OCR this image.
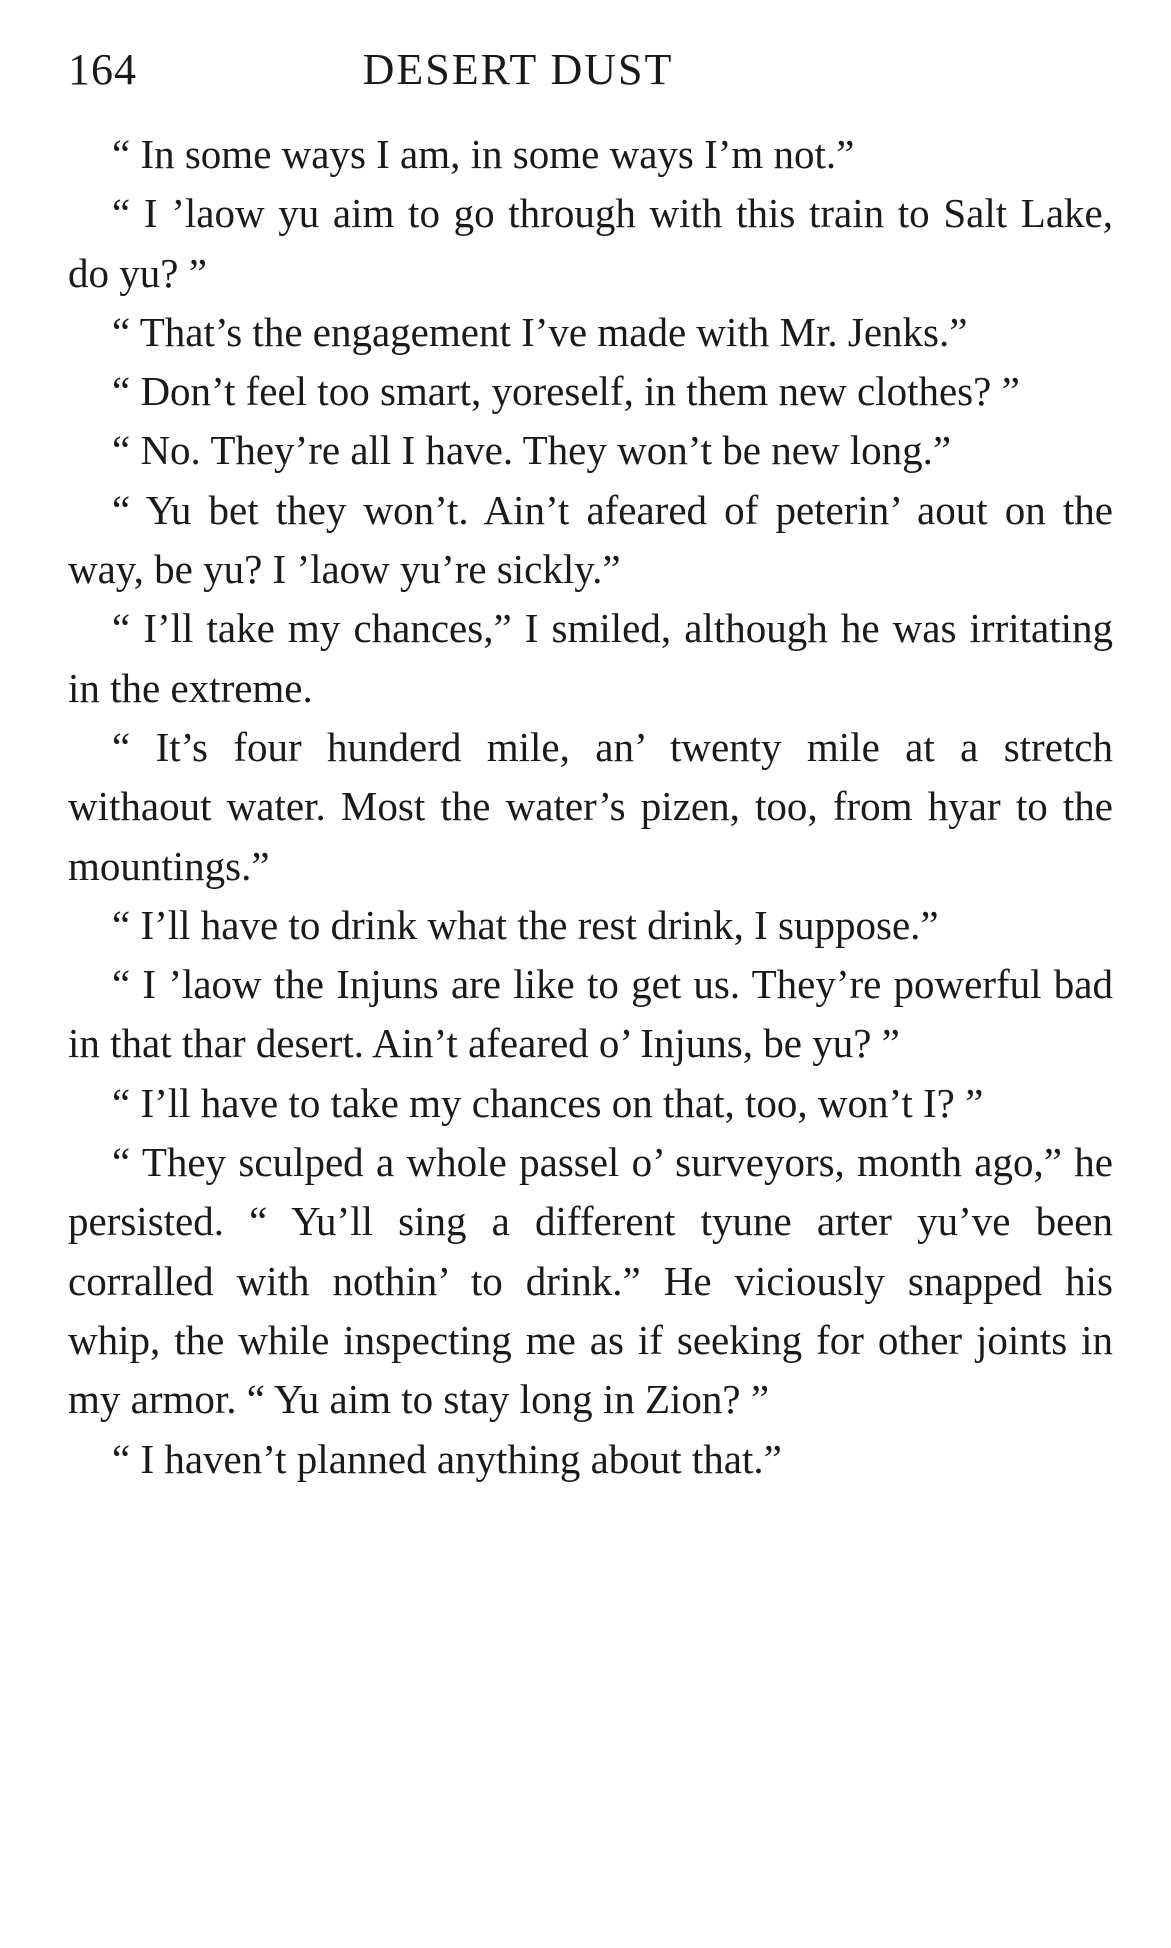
164	DESERT DUST

“ In some ways I am, in some ways I’m not.”

“ I ’laow yu aim to go through with this train to Salt Lake, do yu? ”

“ That’s the engagement I’ve made with Mr. Jenks.”

“ Don’t feel too smart, yoreself, in them new clothes? ”

“ No. They’re all I have. They won’t be new long.”

“ Yu bet they won’t. Ain’t afeared of peterin’ aout on the way, be yu? I ’laow yu’re sickly.”

“ I’ll take my chances,” I smiled, although he was irritating in the extreme.

“ It’s four hunderd mile, an’ twenty mile at a stretch withaout water. Most the water’s pizen, too, from hyar to the mountings.”

“ I’ll have to drink what the rest drink, I suppose.”

“ I ’laow the Injuns are like to get us. They’re powerful bad in that thar desert. Ain’t afeared o’ Injuns, be yu? ”

“ I’ll have to take my chances on that, too, won’t I? ”

“ They sculped a whole passel o’ surveyors, month ago,” he persisted. “ Yu’ll sing a different tyune arter yu’ve been corralled with nothin’ to drink.” He viciously snapped his whip, the while inspecting me as if seeking for other joints in my armor. “ Yu aim to stay long in Zion? ”

“ I haven’t planned anything about that.”
